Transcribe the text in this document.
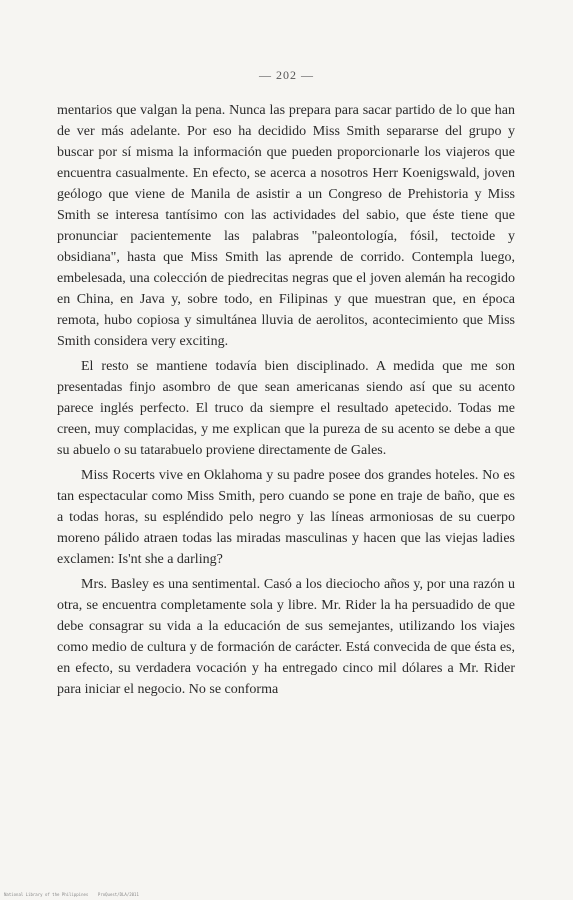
— 202 —

mentarios que valgan la pena. Nunca las prepara para sacar partido de lo que han de ver más adelante. Por eso ha decidido Miss Smith separarse del grupo y buscar por sí misma la información que pueden proporcionarle los viajeros que encuentra casualmente. En efecto, se acerca a nosotros Herr Koenigswald, joven geólogo que viene de Manila de asistir a un Congreso de Prehistoria y Miss Smith se interesa tantísimo con las actividades del sabio, que éste tiene que pronunciar pacientemente las palabras "paleontología, fósil, tectoide y obsidiana", hasta que Miss Smith las aprende de corrido. Contempla luego, embelesada, una colección de piedrecitas negras que el joven alemán ha recogido en China, en Java y, sobre todo, en Filipinas y que muestran que, en época remota, hubo copiosa y simultánea lluvia de aerolitos, acontecimiento que Miss Smith considera very exciting.

El resto se mantiene todavía bien disciplinado. A medida que me son presentadas finjo asombro de que sean americanas siendo así que su acento parece inglés perfecto. El truco da siempre el resultado apetecido. Todas me creen, muy complacidas, y me explican que la pureza de su acento se debe a que su abuelo o su tatarabuelo proviene directamente de Gales.

Miss Rocerts vive en Oklahoma y su padre posee dos grandes hoteles. No es tan espectacular como Miss Smith, pero cuando se pone en traje de baño, que es a todas horas, su espléndido pelo negro y las líneas armoniosas de su cuerpo moreno pálido atraen todas las miradas masculinas y hacen que las viejas ladies exclamen: Is'nt she a darling?

Mrs. Basley es una sentimental. Casó a los dieciocho años y, por una razón u otra, se encuentra completamente sola y libre. Mr. Rider la ha persuadido de que debe consagrar su vida a la educación de sus semejantes, utilizando los viajes como medio de cultura y de formación de carácter. Está convecida de que ésta es, en efecto, su verdadera vocación y ha entregado cinco mil dólares a Mr. Rider para iniciar el negocio. No se conforma

National Library of the Philippines    ProQuest/DLA/2011
